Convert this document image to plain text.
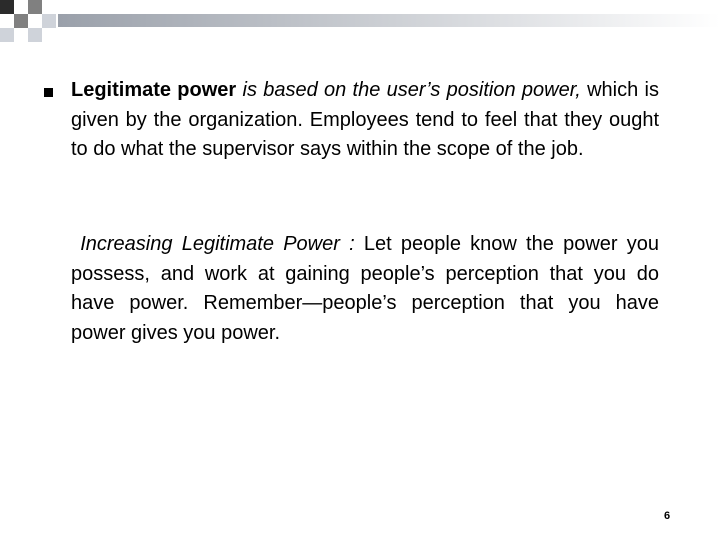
Legitimate power is based on the user’s position power, which is given by the organization. Employees tend to feel that they ought to do what the supervisor says within the scope of the job.

Increasing Legitimate Power : Let people know the power you possess, and work at gaining people’s perception that you do have power. Remember—people’s perception that you have power gives you power.

6
